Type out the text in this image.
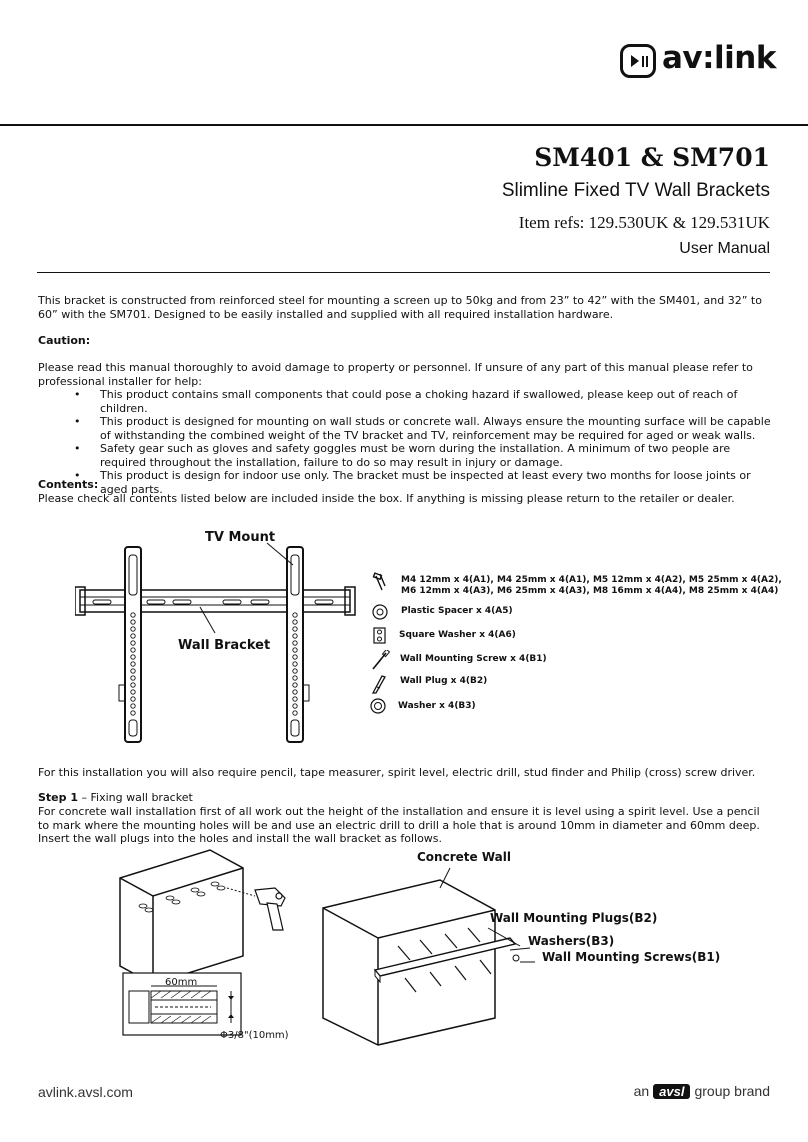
av:link
SM401 & SM701
Slimline Fixed TV Wall Brackets
Item refs: 129.530UK & 129.531UK
User Manual
This bracket is constructed from reinforced steel for mounting a screen up to 50kg and from 23” to 42” with the SM401, and 32” to 60” with the SM701. Designed to be easily installed and supplied with all required installation hardware.
Caution:
Please read this manual thoroughly to avoid damage to property or personnel. If unsure of any part of this manual please refer to professional installer for help:
• This product contains small components that could pose a choking hazard if swallowed, please keep out of reach of children.
• This product is designed for mounting on wall studs or concrete wall. Always ensure the mounting surface will be capable of withstanding the combined weight of the TV bracket and TV, reinforcement may be required for aged or weak walls.
• Safety gear such as gloves and safety goggles must be worn during the installation. A minimum of two people are required throughout the installation, failure to do so may result in injury or damage.
• This product is design for indoor use only. The bracket must be inspected at least every two months for loose joints or aged parts.
Contents:
Please check all contents listed below are included inside the box. If anything is missing please return to the retailer or dealer.
TV Mount
Wall Bracket
M4 12mm x 4(A1), M4 25mm x 4(A1), M5 12mm x 4(A2), M5 25mm x 4(A2),
M6 12mm x 4(A3), M6 25mm x 4(A3), M8 16mm x 4(A4), M8 25mm x 4(A4)
Plastic Spacer x 4(A5)
Square Washer x 4(A6)
Wall Mounting Screw x 4(B1)
Wall Plug x 4(B2)
Washer x 4(B3)
For this installation you will also require pencil, tape measurer, spirit level, electric drill, stud finder and Philip (cross) screw driver.
Step 1 – Fixing wall bracket
For concrete wall installation first of all work out the height of the installation and ensure it is level using a spirit level. Use a pencil to mark where the mounting holes will be and use an electric drill to drill a hole that is around 10mm in diameter and 60mm deep. Insert the wall plugs into the holes and install the wall bracket as follows.
60mm
Φ3/8"(10mm)
Concrete Wall
Wall Mounting Plugs(B2)
Washers(B3)
Wall Mounting Screws(B1)
avlink.avsl.com	an avsl group brand
